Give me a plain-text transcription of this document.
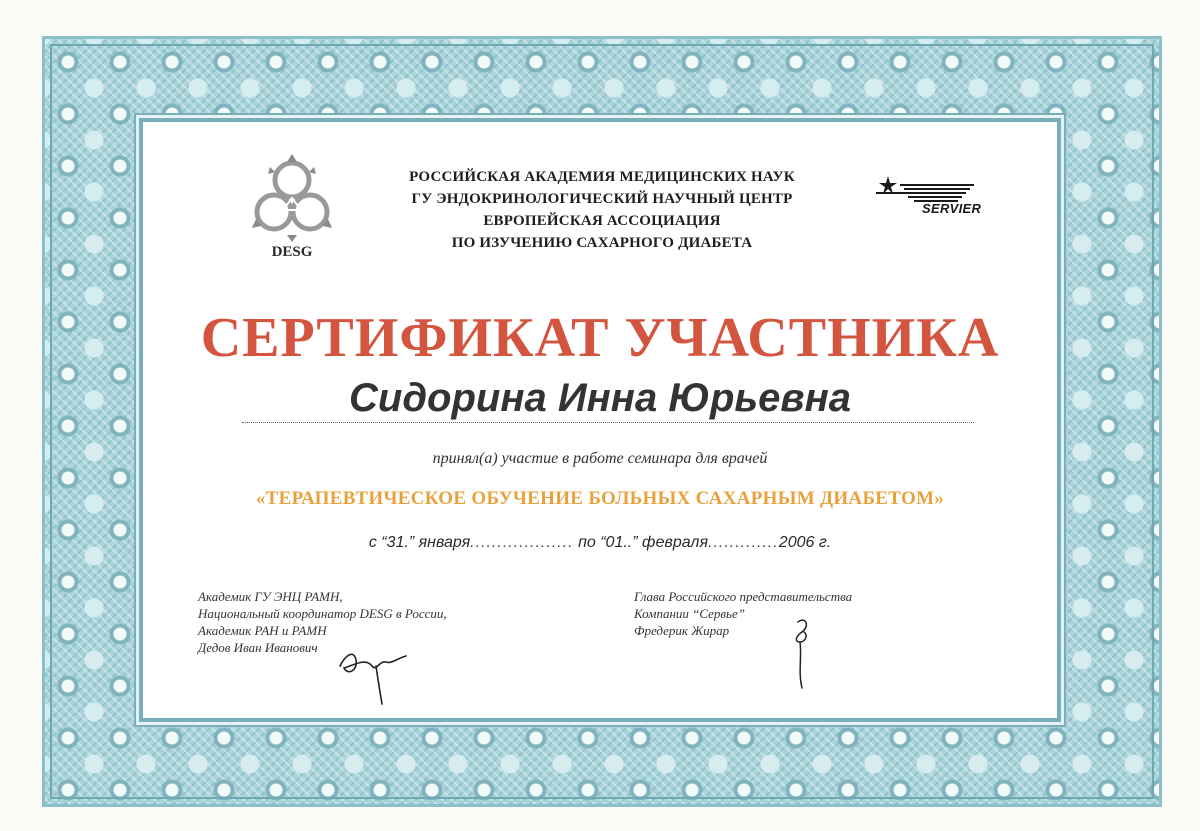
DESG
РОССИЙСКАЯ АКАДЕМИЯ МЕДИЦИНСКИХ НАУК
ГУ ЭНДОКРИНОЛОГИЧЕСКИЙ НАУЧНЫЙ ЦЕНТР
ЕВРОПЕЙСКАЯ АССОЦИАЦИЯ
ПО ИЗУЧЕНИЮ САХАРНОГО ДИАБЕТА
SERVIER
СЕРТИФИКАТ УЧАСТНИКА
Сидорина Инна Юрьевна
принял(а) участие в работе семинара для врачей
«ТЕРАПЕВТИЧЕСКОЕ ОБУЧЕНИЕ БОЛЬНЫХ САХАРНЫМ ДИАБЕТОМ»
с “31.” января................... по “01..” февраля.............2006 г.
Академик ГУ ЭНЦ РАМН,
Национальный координатор DESG в России,
Академик РАН и РАМН
Дедов Иван Иванович
Глава Российского представительства
Компании “Сервье”
Фредерик Жирар
